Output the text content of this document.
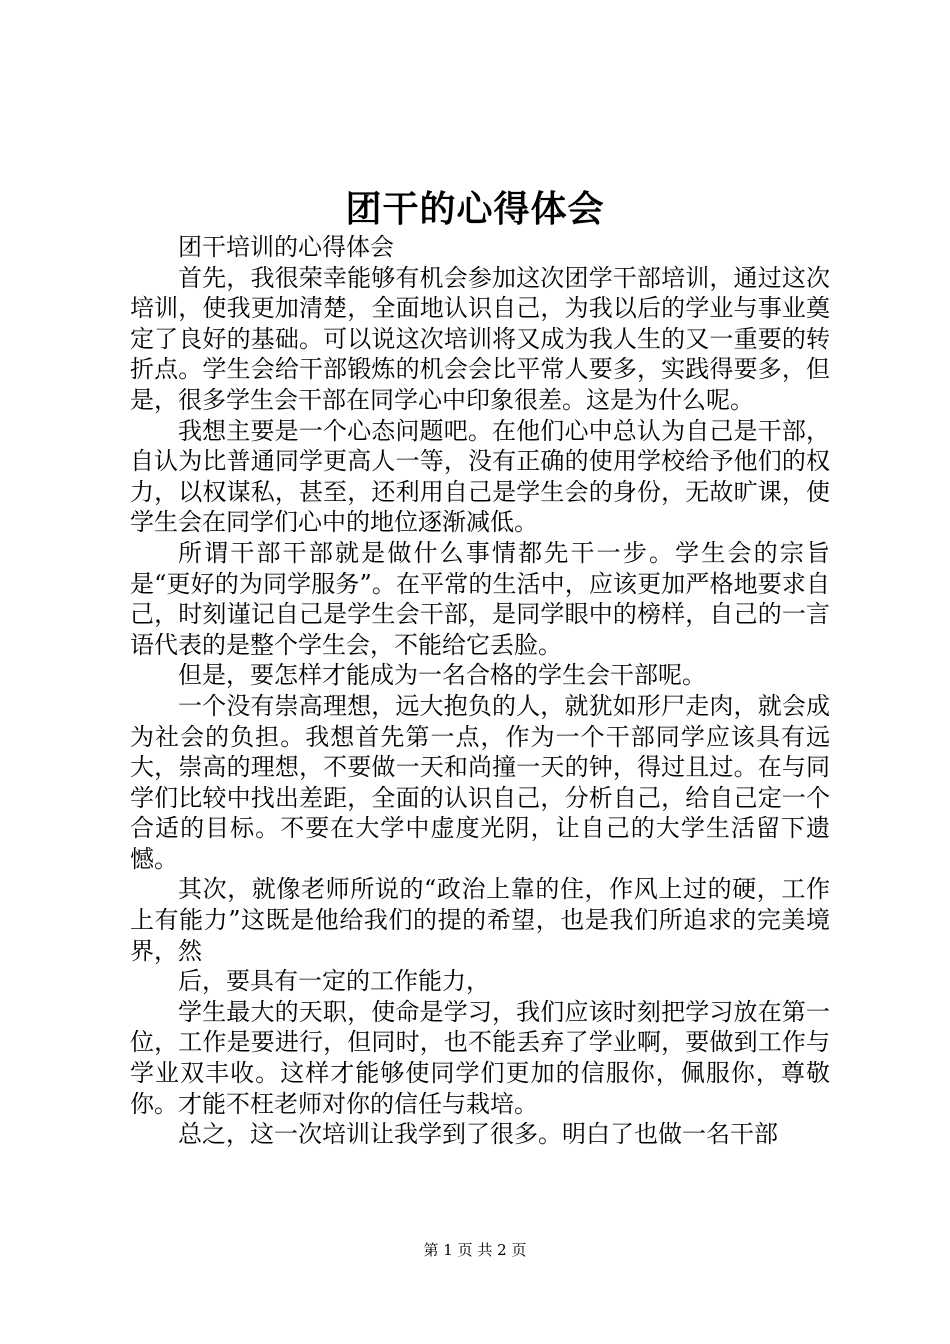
团干的心得体会

团干培训的心得体会

首先，我很荣幸能够有机会参加这次团学干部培训，通过这次培训，使我更加清楚，全面地认识自己，为我以后的学业与事业奠定了良好的基础。可以说这次培训将又成为我人生的又一重要的转折点。学生会给干部锻炼的机会会比平常人要多，实践得要多，但是，很多学生会干部在同学心中印象很差。这是为什么呢。

我想主要是一个心态问题吧。在他们心中总认为自己是干部，自认为比普通同学更高人一等，没有正确的使用学校给予他们的权力，以权谋私，甚至，还利用自己是学生会的身份，无故旷课，使学生会在同学们心中的地位逐渐减低。

所谓干部干部就是做什么事情都先干一步。学生会的宗旨是“更好的为同学服务”。在平常的生活中，应该更加严格地要求自己，时刻谨记自己是学生会干部，是同学眼中的榜样，自己的一言语代表的是整个学生会，不能给它丢脸。

但是，要怎样才能成为一名合格的学生会干部呢。

一个没有崇高理想，远大抱负的人，就犹如形尸走肉，就会成为社会的负担。我想首先第一点，作为一个干部同学应该具有远大，崇高的理想，不要做一天和尚撞一天的钟，得过且过。在与同学们比较中找出差距，全面的认识自己，分析自己，给自己定一个合适的目标。不要在大学中虚度光阴，让自己的大学生活留下遗憾。

其次，就像老师所说的“政治上靠的住，作风上过的硬，工作上有能力”这既是他给我们的提的希望，也是我们所追求的完美境界，然

后，要具有一定的工作能力，

学生最大的天职，使命是学习，我们应该时刻把学习放在第一位，工作是要进行，但同时，也不能丢弃了学业啊，要做到工作与学业双丰收。这样才能够使同学们更加的信服你，佩服你，尊敬你。才能不枉老师对你的信任与栽培。

总之，这一次培训让我学到了很多。明白了也做一名干部

第 1 页 共 2 页
